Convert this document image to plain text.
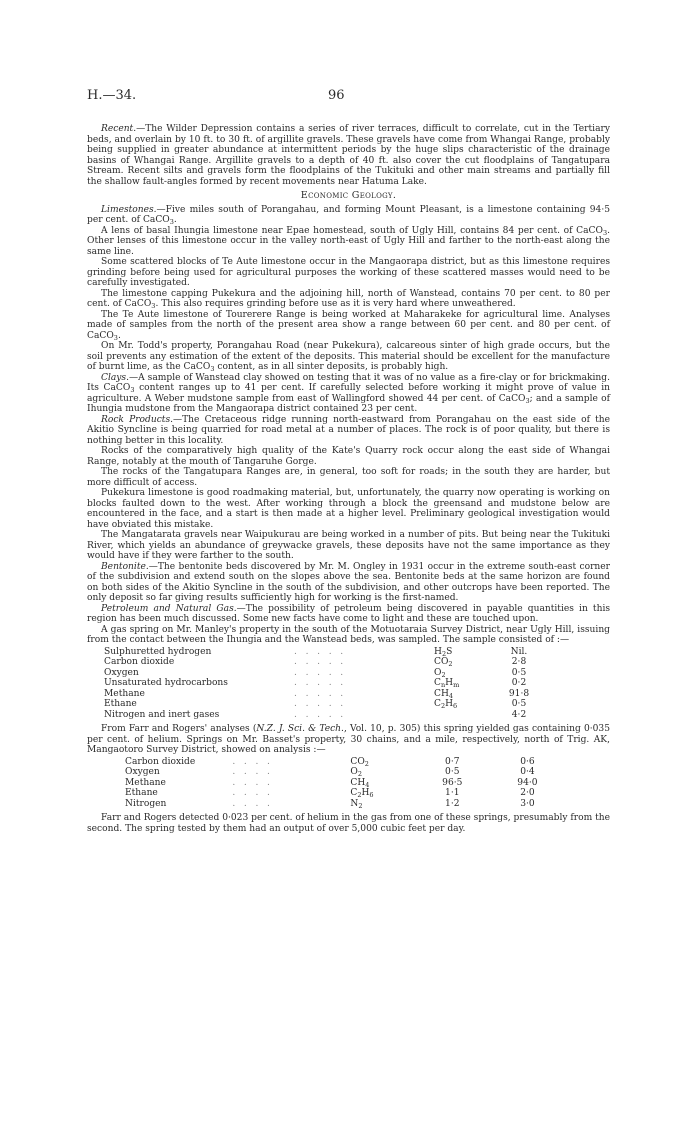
H.—34.	96

Recent.—The Wilder Depression contains a series of river terraces, difficult to correlate, cut in the Tertiary beds, and overlain by 10 ft. to 30 ft. of argillite gravels. These gravels have come from Whangai Range, probably being supplied in greater abundance at intermittent periods by the huge slips characteristic of the drainage basins of Whangai Range. Argillite gravels to a depth of 40 ft. also cover the cut floodplains of Tangatupara Stream. Recent silts and gravels form the floodplains of the Tukituki and other main streams and partially fill the shallow fault-angles formed by recent movements near Hatuma Lake.

Economic Geology.

Limestones.—Five miles south of Porangahau, and forming Mount Pleasant, is a limestone containing 94·5 per cent. of CaCO$_3$.

A lens of basal Ihungia limestone near Epae homestead, south of Ugly Hill, contains 84 per cent. of CaCO$_3$. Other lenses of this limestone occur in the valley north-east of Ugly Hill and farther to the north-east along the same line.

Some scattered blocks of Te Aute limestone occur in the Mangaorapa district, but as this limestone requires grinding before being used for agricultural purposes the working of these scattered masses would need to be carefully investigated.

The limestone capping Pukekura and the adjoining hill, north of Wanstead, contains 70 per cent. to 80 per cent. of CaCO$_3$. This also requires grinding before use as it is very hard where unweathered.

The Te Aute limestone of Tourerere Range is being worked at Maharakeke for agricultural lime. Analyses made of samples from the north of the present area show a range between 60 per cent. and 80 per cent. of CaCO$_3$.

On Mr. Todd's property, Porangahau Road (near Pukekura), calcareous sinter of high grade occurs, but the soil prevents any estimation of the extent of the deposits. This material should be excellent for the manufacture of burnt lime, as the CaCO$_3$ content, as in all sinter deposits, is probably high.

Clays.—A sample of Wanstead clay showed on testing that it was of no value as a fire-clay or for brickmaking. Its CaCO$_3$ content ranges up to 41 per cent. If carefully selected before working it might prove of value in agriculture. A Weber mudstone sample from east of Wallingford showed 44 per cent. of CaCO$_3$; and a sample of Ihungia mudstone from the Mangaorapa district contained 23 per cent.

Rock Products.—The Cretaceous ridge running north-eastward from Porangahau on the east side of the Akitio Syncline is being quarried for road metal at a number of places. The rock is of poor quality, but there is nothing better in this locality.

Rocks of the comparatively high quality of the Kate's Quarry rock occur along the east side of Whangai Range, notably at the mouth of Tangaruhe Gorge.

The rocks of the Tangatupara Ranges are, in general, too soft for roads; in the south they are harder, but more difficult of access.

Pukekura limestone is good roadmaking material, but, unfortunately, the quarry now operating is working on blocks faulted down to the west. After working through a block the greensand and mudstone below are encountered in the face, and a start is then made at a higher level. Preliminary geological investigation would have obviated this mistake.

The Mangatarata gravels near Waipukurau are being worked in a number of pits. But being near the Tukituki River, which yields an abundance of greywacke gravels, these deposits have not the same importance as they would have if they were farther to the south.

Bentonite.—The bentonite beds discovered by Mr. M. Ongley in 1931 occur in the extreme south-east corner of the subdivision and extend south on the slopes above the sea. Bentonite beds at the same horizon are found on both sides of the Akitio Syncline in the south of the subdivision, and other outcrops have been reported. The only deposit so far giving results sufficiently high for working is the first-named.

Petroleum and Natural Gas.—The possibility of petroleum being discovered in payable quantities in this region has been much discussed. Some new facts have come to light and these are touched upon.

A gas spring on Mr. Manley's property in the south of the Motuotaraia Survey District, near Ugly Hill, issuing from the contact between the Ihungia and the Wanstead beds, was sampled. The sample consisted of :—

Sulphuretted hydrogen	.   .   .   .   .	$H_2S$	Nil.
Carbon dioxide	.   .   .   .   .	$CO_2$	2·8
Oxygen	.   .   .   .   .	$O_2$	0·5
Unsaturated hydrocarbons	.   .   .   .   .	$C_nH_m$	0·2
Methane	.   .   .   .   .	$CH_4$	91·8
Ethane	.   .   .   .   .	$C_2H_6$	0·5
Nitrogen and inert gases	.   .   .   .   .		4·2

From Farr and Rogers' analyses (N.Z. J. Sci. & Tech., Vol. 10, p. 305) this spring yielded gas containing 0·035 per cent. of helium. Springs on Mr. Basset's property, 30 chains, and a mile, respectively, north of Trig. AK, Mangaotoro Survey District, showed on analysis :—

Carbon dioxide	.   .   .   .	$CO_2$	0·7	0·6
Oxygen	.   .   .   .	$O_2$	0·5	0·4
Methane	.   .   .   .	$CH_4$	96·5	94·0
Ethane	.   .   .   .	$C_2H_6$	1·1	2·0
Nitrogen	.   .   .   .	$N_2$	1·2	3·0

Farr and Rogers detected 0·023 per cent. of helium in the gas from one of these springs, presumably from the second. The spring tested by them had an output of over 5,000 cubic feet per day.
